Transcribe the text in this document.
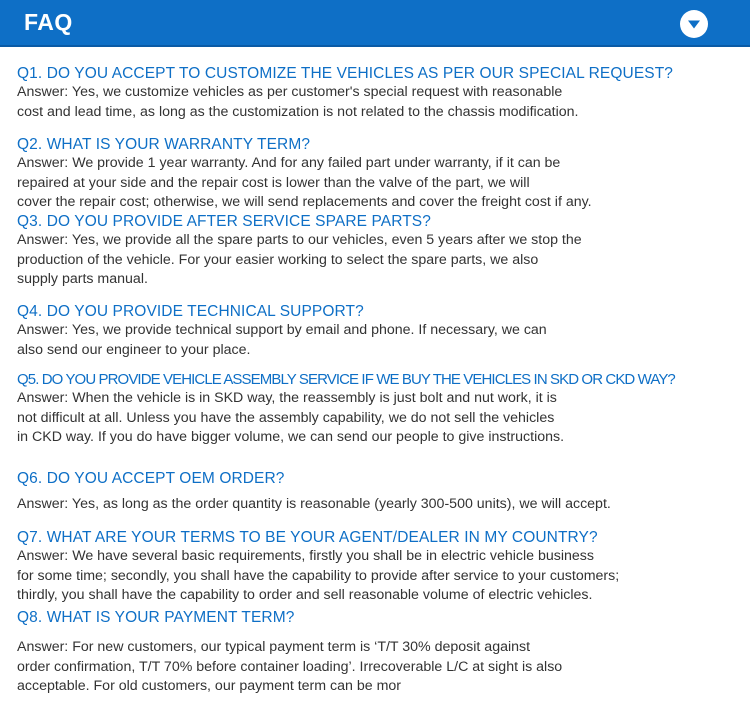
FAQ
Q1. DO YOU ACCEPT TO CUSTOMIZE THE VEHICLES AS PER OUR SPECIAL REQUEST?
Answer: Yes, we customize vehicles as per customer's special request with reasonable
cost and lead time, as long as the customization is not related to the chassis modification.
Q2. WHAT IS YOUR WARRANTY TERM?
Answer: We provide 1 year warranty. And for any failed part under warranty, if it can be
repaired at your side and the repair cost is lower than the valve of the part, we will
cover the repair cost; otherwise, we will send replacements and cover the freight cost if any.
Q3. DO YOU PROVIDE AFTER SERVICE SPARE PARTS?
Answer: Yes, we provide all the spare parts to our vehicles, even 5 years after we stop the
production of the vehicle. For your easier working to select the spare parts, we also
supply parts manual.
Q4. DO YOU PROVIDE TECHNICAL SUPPORT?
Answer: Yes, we provide technical support by email and phone. If necessary, we can
also send our engineer to your place.
Q5. DO YOU PROVIDE VEHICLE ASSEMBLY SERVICE IF WE BUY THE VEHICLES IN SKD OR CKD WAY?
Answer: When the vehicle is in SKD way, the reassembly is just bolt and nut work, it is
not difficult at all. Unless you have the assembly capability, we do not sell the vehicles
in CKD way. If you do have bigger volume, we can send our people to give instructions.
Q6. DO YOU ACCEPT OEM ORDER?
Answer: Yes, as long as the order quantity is reasonable (yearly 300-500 units), we will accept.
Q7. WHAT ARE YOUR TERMS TO BE YOUR AGENT/DEALER IN MY COUNTRY?
Answer: We have several basic requirements, firstly you shall be in electric vehicle business
for some time; secondly, you shall have the capability to provide after service to your customers;
thirdly, you shall have the capability to order and sell reasonable volume of electric vehicles.
Q8. WHAT IS YOUR PAYMENT TERM?
Answer: For new customers, our typical payment term is ‘T/T 30% deposit against
order confirmation, T/T 70% before container loading’. Irrecoverable L/C at sight is also
acceptable. For old customers, our payment term can be mor
